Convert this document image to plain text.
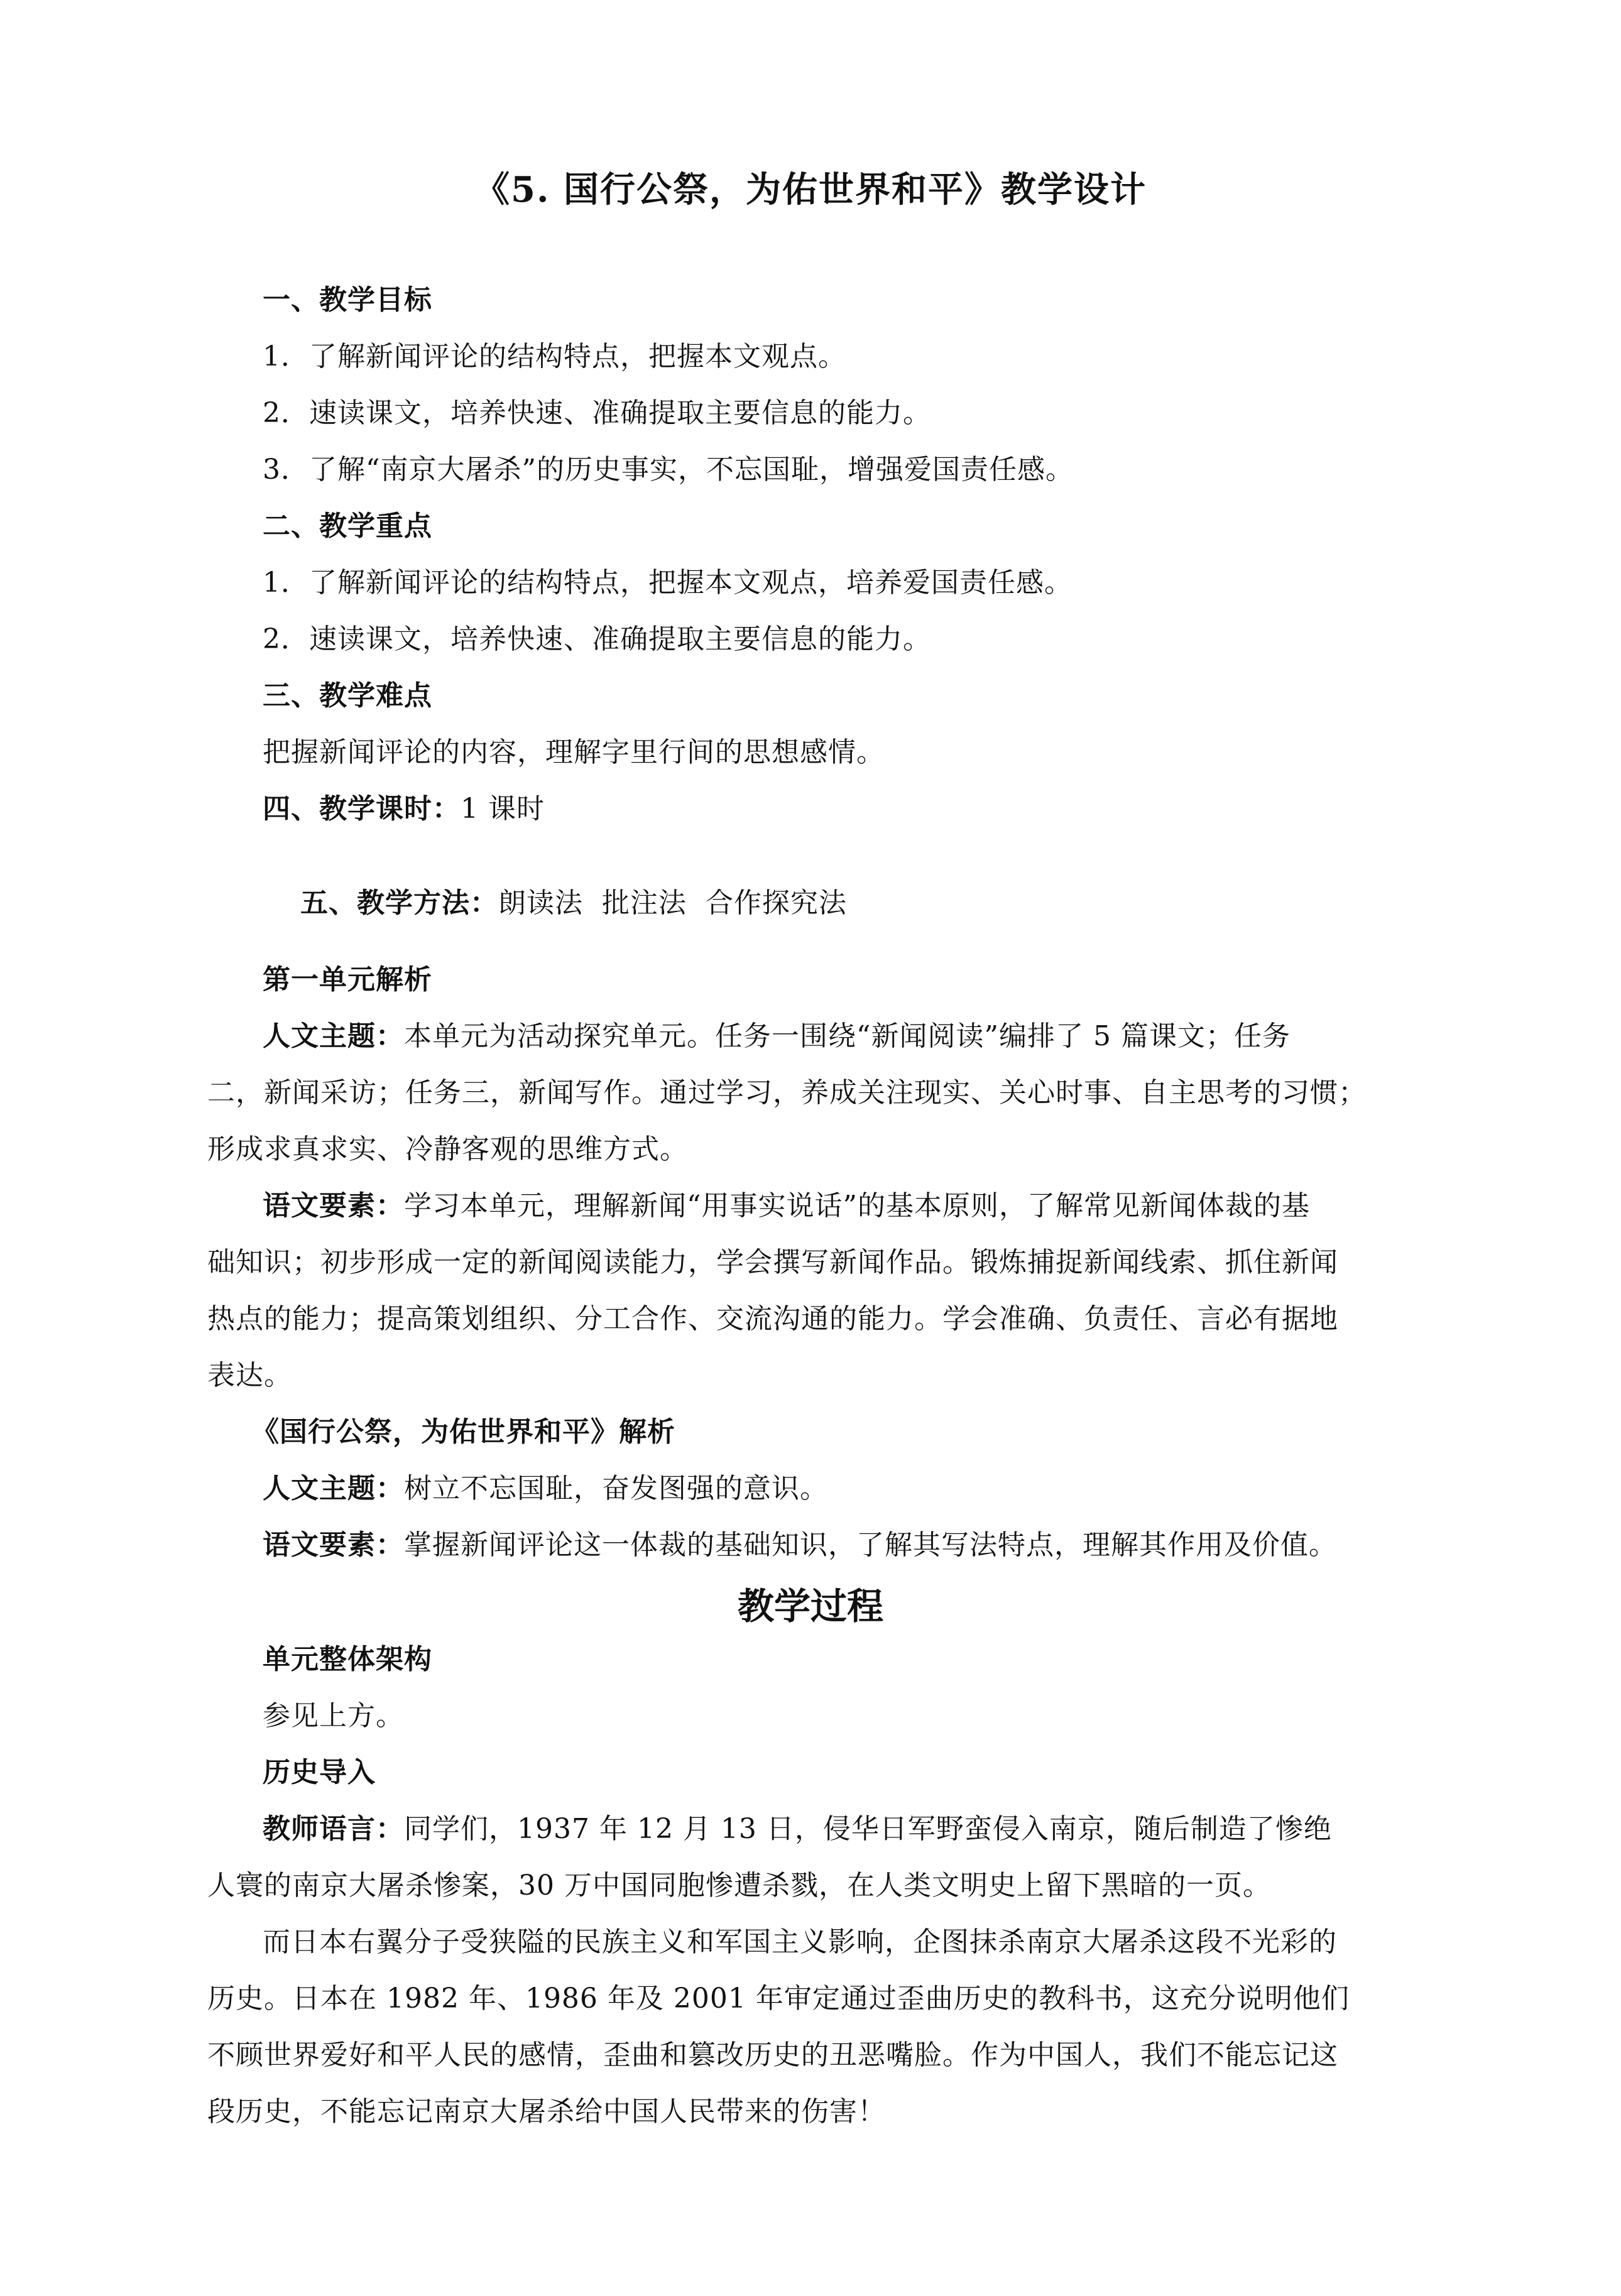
《5. 国行公祭，为佑世界和平》教学设计
一、教学目标
1．了解新闻评论的结构特点，把握本文观点。
2．速读课文，培养快速、准确提取主要信息的能力。
3．了解“南京大屠杀”的历史事实，不忘国耻，增强爱国责任感。
二、教学重点
1．了解新闻评论的结构特点，把握本文观点，培养爱国责任感。
2．速读课文，培养快速、准确提取主要信息的能力。
三、教学难点
把握新闻评论的内容，理解字里行间的思想感情。
四、教学课时：1 课时

五、教学方法：朗读法  批注法  合作探究法

第一单元解析
人文主题：本单元为活动探究单元。任务一围绕“新闻阅读”编排了 5 篇课文；任务
二，新闻采访；任务三，新闻写作。通过学习，养成关注现实、关心时事、自主思考的习惯；
形成求真求实、冷静客观的思维方式。
语文要素：学习本单元，理解新闻“用事实说话”的基本原则，了解常见新闻体裁的基
础知识；初步形成一定的新闻阅读能力，学会撰写新闻作品。锻炼捕捉新闻线索、抓住新闻
热点的能力；提高策划组织、分工合作、交流沟通的能力。学会准确、负责任、言必有据地
表达。
《国行公祭，为佑世界和平》解析
人文主题：树立不忘国耻，奋发图强的意识。
语文要素：掌握新闻评论这一体裁的基础知识，了解其写法特点，理解其作用及价值。
教学过程
单元整体架构
参见上方。
历史导入
教师语言：同学们，1937 年 12 月 13 日，侵华日军野蛮侵入南京，随后制造了惨绝
人寰的南京大屠杀惨案，30 万中国同胞惨遭杀戮，在人类文明史上留下黑暗的一页。
而日本右翼分子受狭隘的民族主义和军国主义影响，企图抹杀南京大屠杀这段不光彩的
历史。日本在 1982 年、1986 年及 2001 年审定通过歪曲历史的教科书，这充分说明他们
不顾世界爱好和平人民的感情，歪曲和篡改历史的丑恶嘴脸。作为中国人，我们不能忘记这
段历史，不能忘记南京大屠杀给中国人民带来的伤害！
